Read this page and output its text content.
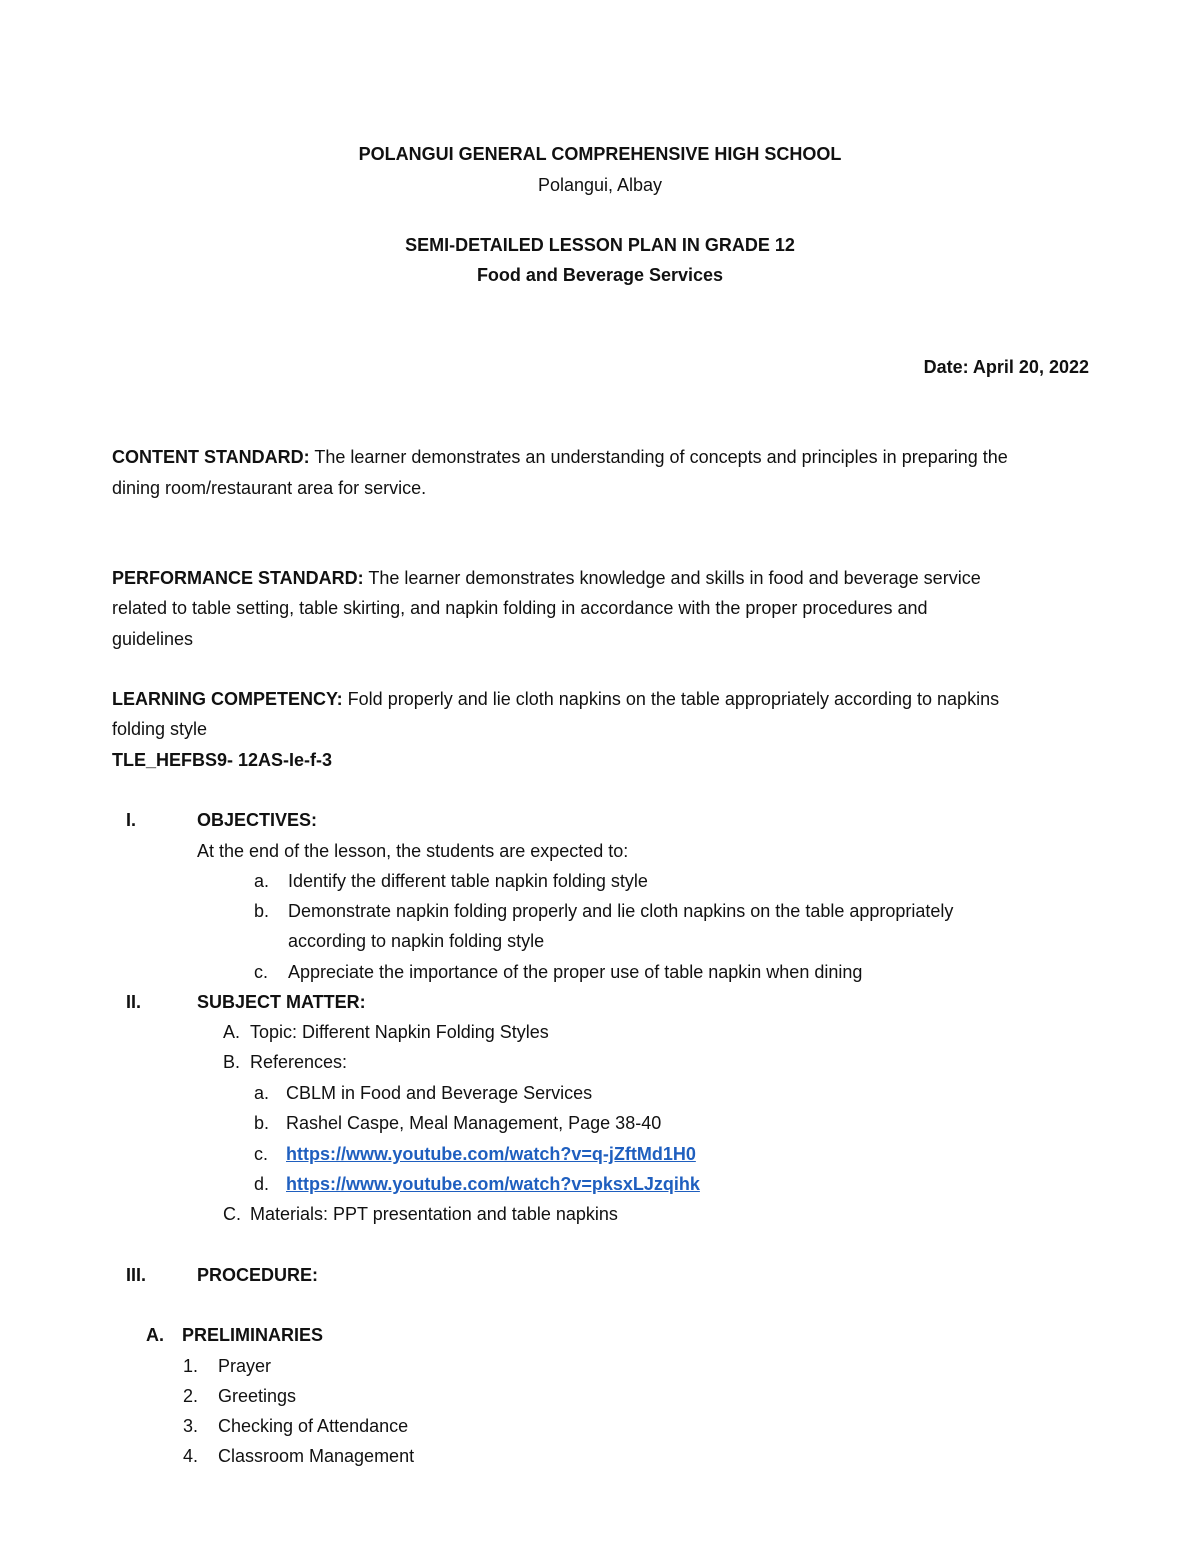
POLANGUI GENERAL COMPREHENSIVE HIGH SCHOOL
Polangui, Albay
SEMI-DETAILED LESSON PLAN IN GRADE 12
Food and Beverage Services
Date: April 20, 2022
CONTENT STANDARD: The learner demonstrates an understanding of concepts and principles in preparing the
dining room/restaurant area for service.
PERFORMANCE STANDARD: The learner demonstrates knowledge and skills in food and beverage service
related to table setting, table skirting, and napkin folding in accordance with the proper procedures and
guidelines
LEARNING COMPETENCY: Fold properly and lie cloth napkins on the table appropriately according to napkins
folding style
TLE_HEFBS9- 12AS-Ie-f-3
I.	OBJECTIVES:
At the end of the lesson, the students are expected to:
a. Identify the different table napkin folding style
b. Demonstrate napkin folding properly and lie cloth napkins on the table appropriately
according to napkin folding style
c. Appreciate the importance of the proper use of table napkin when dining
II.	SUBJECT MATTER:
A. Topic: Different Napkin Folding Styles
B. References:
a. CBLM in Food and Beverage Services
b. Rashel Caspe, Meal Management, Page 38-40
c. https://www.youtube.com/watch?v=q-jZftMd1H0
d. https://www.youtube.com/watch?v=pksxLJzqihk
C. Materials: PPT presentation and table napkins
III.	PROCEDURE:
A. PRELIMINARIES
1. Prayer
2. Greetings
3. Checking of Attendance
4. Classroom Management
